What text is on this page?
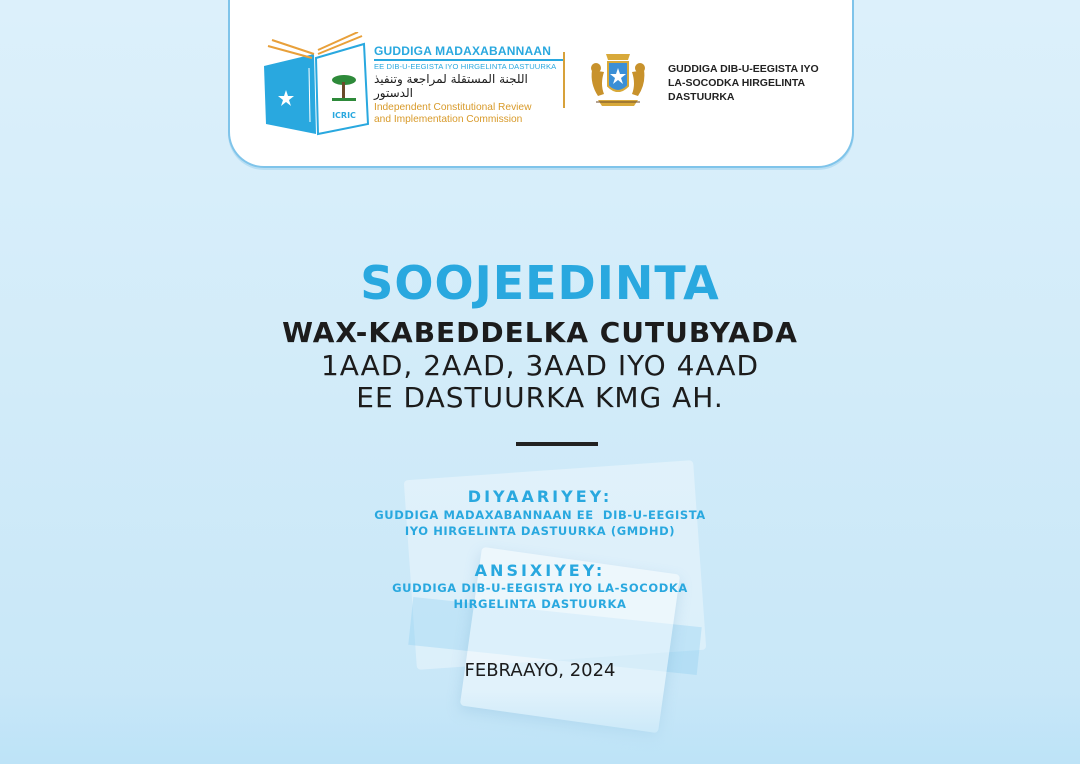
ICRIC
GUDDIGA MADAXABANNAAN
EE DIB-U-EEGISTA IYO HIRGELINTA DASTUURKA
اللجنة المستقلة لمراجعة وتنفيذ الدستور
Independent Constitutional Review
and Implementation Commission
GUDDIGA DIB-U-EEGISTA IYO
LA-SOCODKA HIRGELINTA
DASTUURKA
SOOJEEDINTA
WAX-KABEDDELKA CUTUBYADA
1AAD, 2AAD, 3AAD IYO 4AAD
EE DASTUURKA KMG AH.
DIYAARIYEY:
GUDDIGA MADAXABANNAAN EE  DIB-U-EEGISTA
IYO HIRGELINTA DASTUURKA (GMDHD)
ANSIXIYEY:
GUDDIGA DIB-U-EEGISTA IYO LA-SOCODKA
HIRGELINTA DASTUURKA
FEBRAAYO, 2024
